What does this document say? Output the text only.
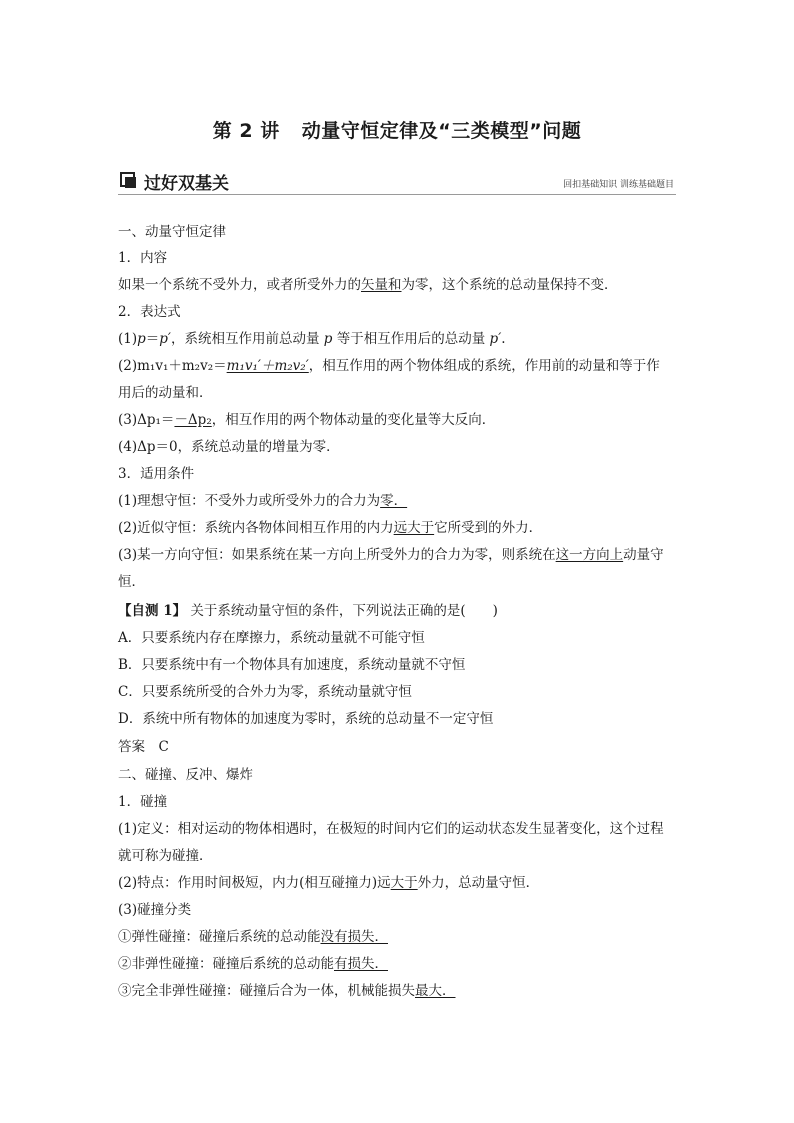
第 2 讲 动量守恒定律及“三类模型”问题
过好双基关	回扣基础知识 训练基础题目
一、动量守恒定律
1．内容
如果一个系统不受外力，或者所受外力的矢量和为零，这个系统的总动量保持不变．
2．表达式
(1)p＝p′，系统相互作用前总动量 p 等于相互作用后的总动量 p′.
(2)m₁v₁＋m₂v₂＝m₁v₁′＋m₂v₂′，相互作用的两个物体组成的系统，作用前的动量和等于作
用后的动量和．
(3)Δp₁＝－Δp₂，相互作用的两个物体动量的变化量等大反向．
(4)Δp＝0，系统总动量的增量为零．
3．适用条件
(1)理想守恒：不受外力或所受外力的合力为零．
(2)近似守恒：系统内各物体间相互作用的内力远大于它所受到的外力．
(3)某一方向守恒：如果系统在某一方向上所受外力的合力为零，则系统在这一方向上动量守
恒．
【自测 1】 关于系统动量守恒的条件，下列说法正确的是(　　)
A．只要系统内存在摩擦力，系统动量就不可能守恒
B．只要系统中有一个物体具有加速度，系统动量就不守恒
C．只要系统所受的合外力为零，系统动量就守恒
D．系统中所有物体的加速度为零时，系统的总动量不一定守恒
答案　C
二、碰撞、反冲、爆炸
1．碰撞
(1)定义：相对运动的物体相遇时，在极短的时间内它们的运动状态发生显著变化，这个过程
就可称为碰撞．
(2)特点：作用时间极短，内力(相互碰撞力)远大于外力，总动量守恒．
(3)碰撞分类
①弹性碰撞：碰撞后系统的总动能没有损失．
②非弹性碰撞：碰撞后系统的总动能有损失．
③完全非弹性碰撞：碰撞后合为一体，机械能损失最大．
